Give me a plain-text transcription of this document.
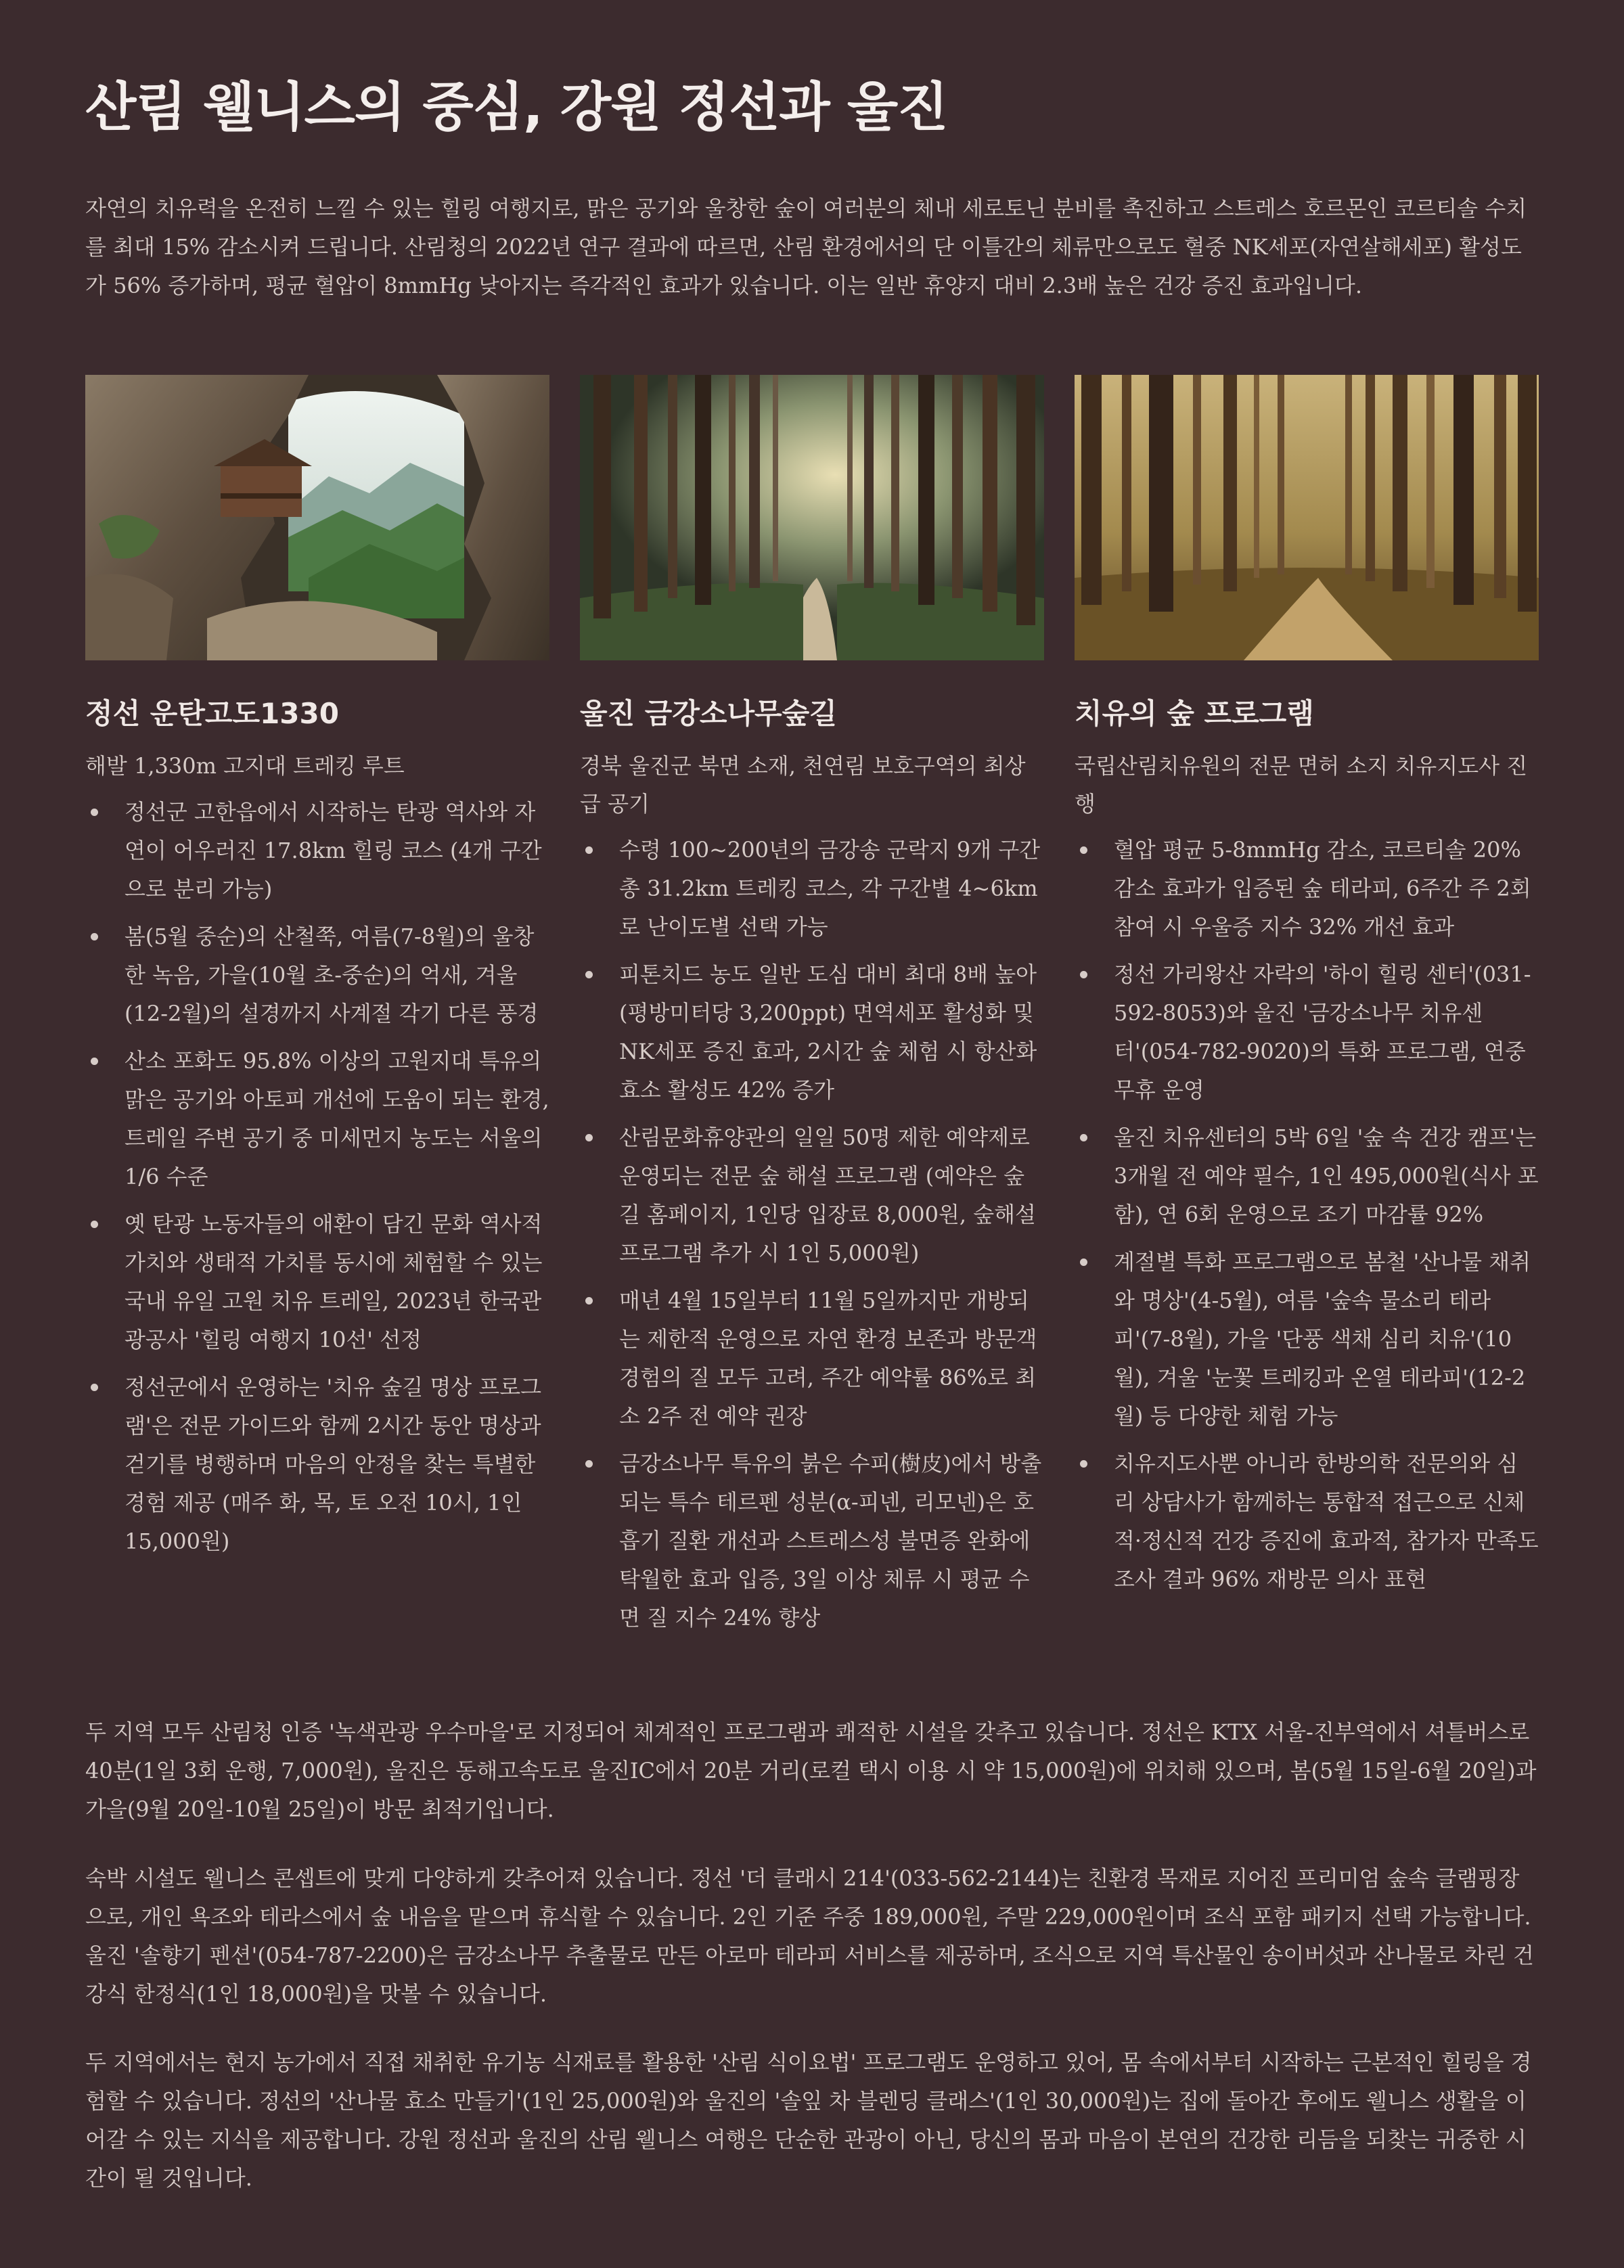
산림 웰니스의 중심, 강원 정선과 울진

자연의 치유력을 온전히 느낄 수 있는 힐링 여행지로, 맑은 공기와 울창한 숲이 여러분의 체내 세로토닌 분비를 촉진하고 스트레스 호르몬인 코르티솔 수치를 최대 15% 감소시켜 드립니다. 산림청의 2022년 연구 결과에 따르면, 산림 환경에서의 단 이틀간의 체류만으로도 혈중 NK세포(자연살해세포) 활성도가 56% 증가하며, 평균 혈압이 8mmHg 낮아지는 즉각적인 효과가 있습니다. 이는 일반 휴양지 대비 2.3배 높은 건강 증진 효과입니다.

정선 운탄고도1330

해발 1,330m 고지대 트레킹 루트

정선군 고한읍에서 시작하는 탄광 역사와 자연이 어우러진 17.8km 힐링 코스 (4개 구간으로 분리 가능)
봄(5월 중순)의 산철쭉, 여름(7-8월)의 울창한 녹음, 가을(10월 초-중순)의 억새, 겨울(12-2월)의 설경까지 사계절 각기 다른 풍경
산소 포화도 95.8% 이상의 고원지대 특유의 맑은 공기와 아토피 개선에 도움이 되는 환경, 트레일 주변 공기 중 미세먼지 농도는 서울의 1/6 수준
옛 탄광 노동자들의 애환이 담긴 문화 역사적 가치와 생태적 가치를 동시에 체험할 수 있는 국내 유일 고원 치유 트레일, 2023년 한국관광공사 '힐링 여행지 10선' 선정
정선군에서 운영하는 '치유 숲길 명상 프로그램'은 전문 가이드와 함께 2시간 동안 명상과 걷기를 병행하며 마음의 안정을 찾는 특별한 경험 제공 (매주 화, 목, 토 오전 10시, 1인 15,000원)
울진 금강소나무숲길

경북 울진군 북면 소재, 천연림 보호구역의 최상급 공기

수령 100~200년의 금강송 군락지 9개 구간 총 31.2km 트레킹 코스, 각 구간별 4~6km로 난이도별 선택 가능
피톤치드 농도 일반 도심 대비 최대 8배 높아(평방미터당 3,200ppt) 면역세포 활성화 및 NK세포 증진 효과, 2시간 숲 체험 시 항산화 효소 활성도 42% 증가
산림문화휴양관의 일일 50명 제한 예약제로 운영되는 전문 숲 해설 프로그램 (예약은 숲길 홈페이지, 1인당 입장료 8,000원, 숲해설 프로그램 추가 시 1인 5,000원)
매년 4월 15일부터 11월 5일까지만 개방되는 제한적 운영으로 자연 환경 보존과 방문객 경험의 질 모두 고려, 주간 예약률 86%로 최소 2주 전 예약 권장
금강소나무 특유의 붉은 수피(樹皮)에서 방출되는 특수 테르펜 성분(α-피넨, 리모넨)은 호흡기 질환 개선과 스트레스성 불면증 완화에 탁월한 효과 입증, 3일 이상 체류 시 평균 수면 질 지수 24% 향상
치유의 숲 프로그램

국립산림치유원의 전문 면허 소지 치유지도사 진행

혈압 평균 5-8mmHg 감소, 코르티솔 20% 감소 효과가 입증된 숲 테라피, 6주간 주 2회 참여 시 우울증 지수 32% 개선 효과
정선 가리왕산 자락의 '하이 힐링 센터'(031-592-8053)와 울진 '금강소나무 치유센터'(054-782-9020)의 특화 프로그램, 연중무휴 운영
울진 치유센터의 5박 6일 '숲 속 건강 캠프'는 3개월 전 예약 필수, 1인 495,000원(식사 포함), 연 6회 운영으로 조기 마감률 92%
계절별 특화 프로그램으로 봄철 '산나물 채취와 명상'(4-5월), 여름 '숲속 물소리 테라피'(7-8월), 가을 '단풍 색채 심리 치유'(10월), 겨울 '눈꽃 트레킹과 온열 테라피'(12-2월) 등 다양한 체험 가능
치유지도사뿐 아니라 한방의학 전문의와 심리 상담사가 함께하는 통합적 접근으로 신체적·정신적 건강 증진에 효과적, 참가자 만족도 조사 결과 96% 재방문 의사 표현

두 지역 모두 산림청 인증 '녹색관광 우수마을'로 지정되어 체계적인 프로그램과 쾌적한 시설을 갖추고 있습니다. 정선은 KTX 서울-진부역에서 셔틀버스로 40분(1일 3회 운행, 7,000원), 울진은 동해고속도로 울진IC에서 20분 거리(로컬 택시 이용 시 약 15,000원)에 위치해 있으며, 봄(5월 15일-6월 20일)과 가을(9월 20일-10월 25일)이 방문 최적기입니다.

숙박 시설도 웰니스 콘셉트에 맞게 다양하게 갖추어져 있습니다. 정선 '더 클래시 214'(033-562-2144)는 친환경 목재로 지어진 프리미엄 숲속 글램핑장으로, 개인 욕조와 테라스에서 숲 내음을 맡으며 휴식할 수 있습니다. 2인 기준 주중 189,000원, 주말 229,000원이며 조식 포함 패키지 선택 가능합니다. 울진 '솔향기 펜션'(054-787-2200)은 금강소나무 추출물로 만든 아로마 테라피 서비스를 제공하며, 조식으로 지역 특산물인 송이버섯과 산나물로 차린 건강식 한정식(1인 18,000원)을 맛볼 수 있습니다.

두 지역에서는 현지 농가에서 직접 채취한 유기농 식재료를 활용한 '산림 식이요법' 프로그램도 운영하고 있어, 몸 속에서부터 시작하는 근본적인 힐링을 경험할 수 있습니다. 정선의 '산나물 효소 만들기'(1인 25,000원)와 울진의 '솔잎 차 블렌딩 클래스'(1인 30,000원)는 집에 돌아간 후에도 웰니스 생활을 이어갈 수 있는 지식을 제공합니다. 강원 정선과 울진의 산림 웰니스 여행은 단순한 관광이 아닌, 당신의 몸과 마음이 본연의 건강한 리듬을 되찾는 귀중한 시간이 될 것입니다.
